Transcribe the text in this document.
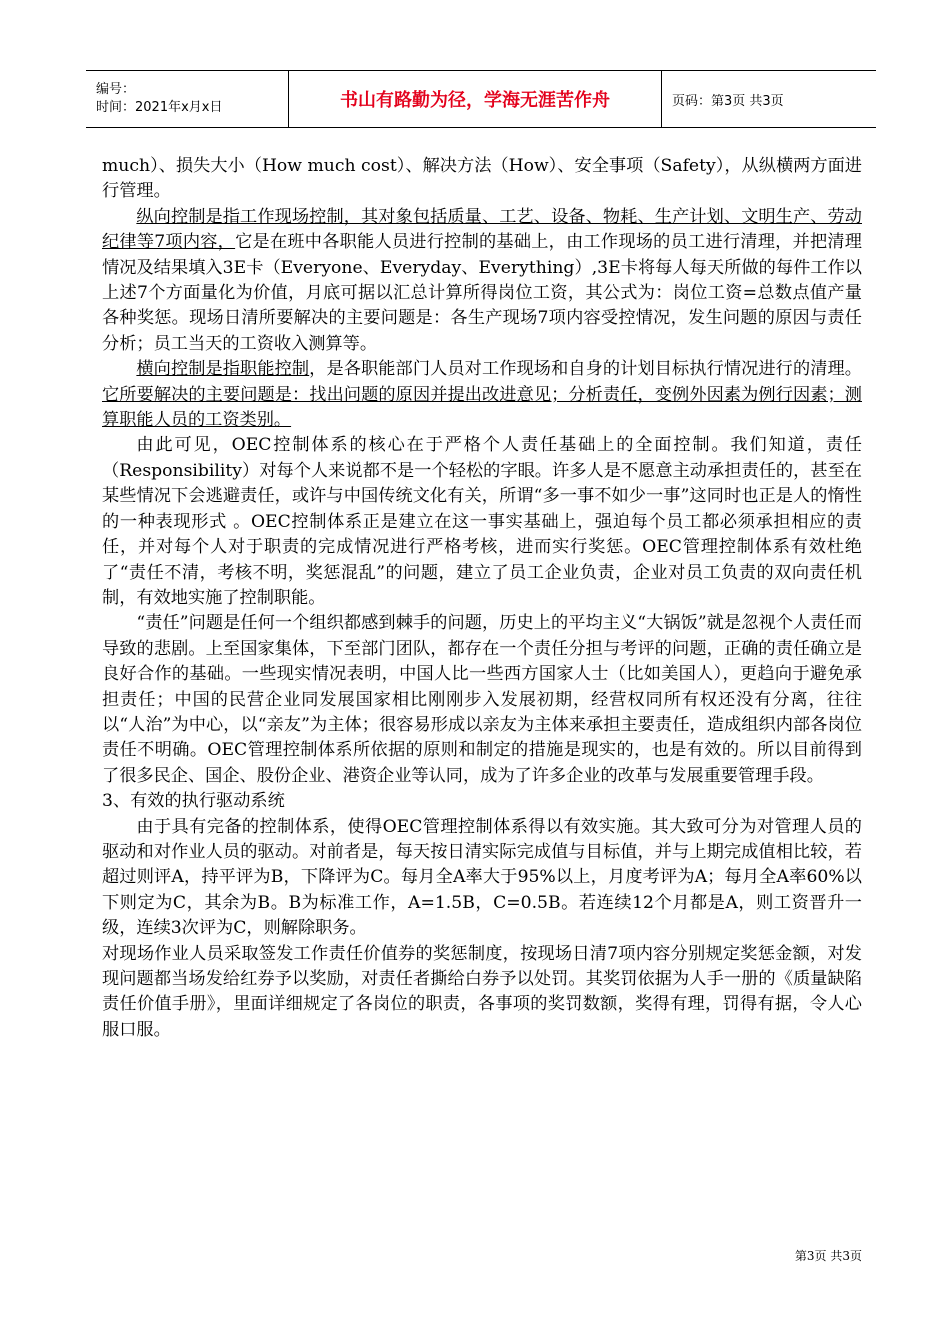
编号：
时间：2021年x月x日	书山有路勤为径，学海无涯苦作舟	页码：第3页 共3页

much）、损失大小（How much cost）、解决方法（How）、安全事项（Safety），从纵横两方面进行管理。

纵向控制是指工作现场控制，其对象包括质量、工艺、设备、物耗、生产计划、文明生产、劳动纪律等7项内容，它是在班中各职能人员进行控制的基础上，由工作现场的员工进行清理，并把清理情况及结果填入3E卡（Everyone、Everyday、Everything）,3E卡将每人每天所做的每件工作以上述7个方面量化为价值，月底可据以汇总计算所得岗位工资，其公式为：岗位工资=总数点值产量各种奖惩。现场日清所要解决的主要问题是：各生产现场7项内容受控情况，发生问题的原因与责任分析；员工当天的工资收入测算等。

横向控制是指职能控制，是各职能部门人员对工作现场和自身的计划目标执行情况进行的清理。它所要解决的主要问题是：找出问题的原因并提出改进意见；分析责任，变例外因素为例行因素；测算职能人员的工资类别。

由此可见，OEC控制体系的核心在于严格个人责任基础上的全面控制。我们知道，责任（Responsibility）对每个人来说都不是一个轻松的字眼。许多人是不愿意主动承担责任的，甚至在某些情况下会逃避责任，或许与中国传统文化有关，所谓“多一事不如少一事”这同时也正是人的惰性的一种表现形式 。OEC控制体系正是建立在这一事实基础上，强迫每个员工都必须承担相应的责任，并对每个人对于职责的完成情况进行严格考核，进而实行奖惩。OEC管理控制体系有效杜绝了“责任不清，考核不明，奖惩混乱”的问题，建立了员工企业负责，企业对员工负责的双向责任机制，有效地实施了控制职能。

“责任”问题是任何一个组织都感到棘手的问题，历史上的平均主义“大锅饭”就是忽视个人责任而导致的悲剧。上至国家集体，下至部门团队，都存在一个责任分担与考评的问题，正确的责任确立是良好合作的基础。一些现实情况表明，中国人比一些西方国家人士（比如美国人），更趋向于避免承担责任；中国的民营企业同发展国家相比刚刚步入发展初期，经营权同所有权还没有分离，往往以“人治”为中心，以“亲友”为主体；很容易形成以亲友为主体来承担主要责任，造成组织内部各岗位责任不明确。OEC管理控制体系所依据的原则和制定的措施是现实的，也是有效的。所以目前得到了很多民企、国企、股份企业、港资企业等认同，成为了许多企业的改革与发展重要管理手段。

3、有效的执行驱动系统

由于具有完备的控制体系，使得OEC管理控制体系得以有效实施。其大致可分为对管理人员的驱动和对作业人员的驱动。对前者是，每天按日清实际完成值与目标值，并与上期完成值相比较，若超过则评A，持平评为B，下降评为C。每月全A率大于95%以上，月度考评为A；每月全A率60%以下则定为C，其余为B。B为标准工作，A=1.5B，C=0.5B。若连续12个月都是A，则工资晋升一级，连续3次评为C，则解除职务。

对现场作业人员采取签发工作责任价值券的奖惩制度，按现场日清7项内容分别规定奖惩金额，对发现问题都当场发给红券予以奖励，对责任者撕给白券予以处罚。其奖罚依据为人手一册的《质量缺陷责任价值手册》，里面详细规定了各岗位的职责，各事项的奖罚数额，奖得有理，罚得有据，令人心服口服。

第3页 共3页
